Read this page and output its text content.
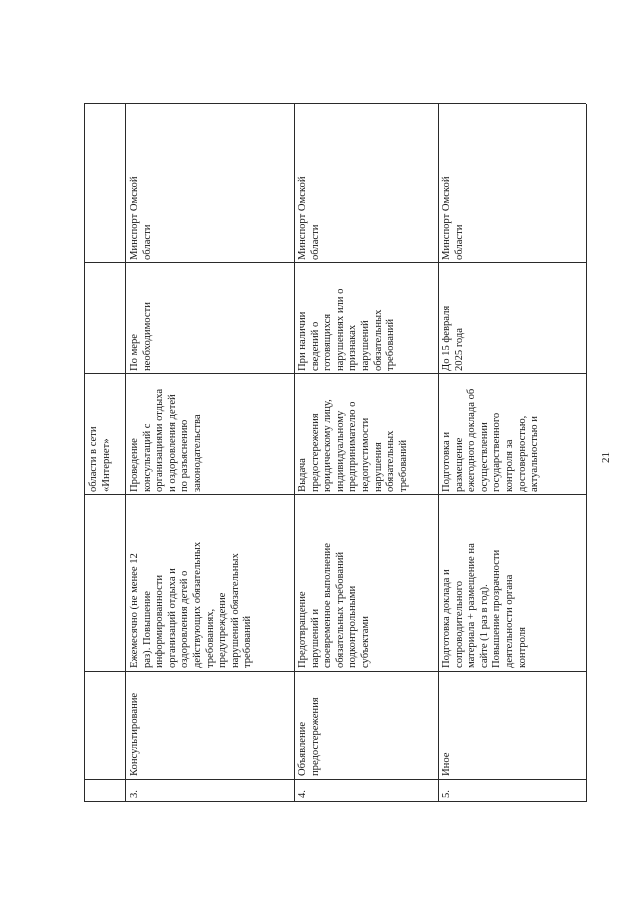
области в сети
«Интернет»
3.
Консультирование
Проведение
консультаций с
организациями отдыха
и оздоровления детей
по разъяснению
законодательства
По мере
необходимости
Минспорт Омской
области
Ежемесячно (не менее 12
раз). Повышение
информированности
организаций отдыха и
оздоровления детей о
действующих обязательных
требованиях,
предупреждение
нарушений обязательных
требований
4.
Объявление
предостережения
Выдача
предостережения
юридическому лицу,
индивидуальному
предпринимателю о
недопустимости
нарушения
обязательных
требований
При наличии
сведений о
готовящихся
нарушениях или о
признаках
нарушений
обязательных
требований
Минспорт Омской
области
Предотвращение
нарушений и
своевременное выполнение
обязательных требований
подконтрольными
субъектами
5.
Иное
Подготовка и
размещение
ежегодного доклада об
осуществлении
государственного
контроля за
достоверностью,
актуальностью и
До 15 февраля
2025 года
Минспорт Омской
области
Подготовка доклада и
сопроводительного
материала + размещение на
сайте (1 раз в год).
Повышение прозрачности
деятельности органа
контроля
21
